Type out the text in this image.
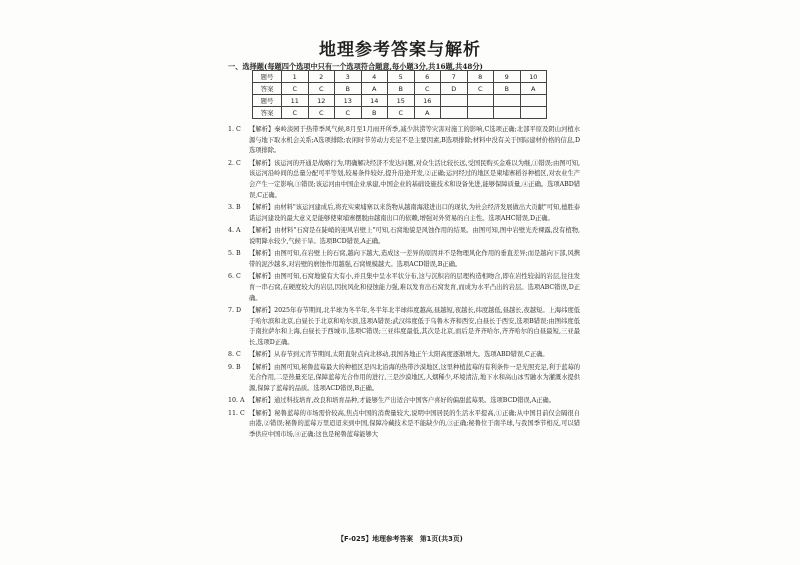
地理参考答案与解析
一、选择题(每题四个选项中只有一个选项符合题意,每小题3分,共16题,共48分)
题号	1	2	3	4	5	6	7	8	9	10
答案	C	C	B	A	B	C	D	C	B	A
题号	11	12	13	14	15	16				
答案	C	C	C	B	C	A				
1. C	【解析】秦岭淡园于热带季风气候,8月至1月雨开所季,减少洪涝等灾害对施工的影响,C选项正确;北部平原及阴山河植水源与地下取水机会关系;A选项排除;农闲时节劳动力充足不是主要因素,B选项排除;材料中没有关于国际建材价格的信息,D选项排除。
2. C	【解析】该运河的开通是战略行为,明确解决经济不发达问题,对众生活比较长远,受国民购买金难以为继,①错误;由图可知,该运河沿岭间的总量分配可平等划,较易条件较好,提升沿途开发,②正确;运河经过的地区是柬埔寨稻谷种植区,对农业生产会产生一定影响,③错误;该运河由中国企业承建,中国企业的基础设施技术和设备先进,能够保障质量,④正确。选项ABD错误,C正确。
3. B	【解析】由材料"该运河建成后,将充实柬埔寨以来货物从越南海港进出口的现状,为社会经济发展做出大贡献"可知,德胜泰诺运河建设的最大意义是能够使柬埔寨摆脱由越南出口的依赖,增强对外贸易的自主性。选项AHC错误,D正确。
4. A	【解析】由材料"石窝是在陡峭的迎风岩壁上"可知,石窝地貌是风蚀作用的结果。由图可知,图中岩壁光秃裸露,没有植物,说明降水较少,气候干旱。选项BCD错误,A正确。
5. B	【解析】由图可知,在岩壁上的石窝,越向下越大,造成这一差异的原因并不是物理风化作用的垂直差异;而是越向下部,风携带的泥沙越多,对岩壁的磨蚀作用越强,石窝规模越大。选项ACD错误,B正确。
6. C	【解析】由图可知,石窝地貌有大有小,并且集中呈水平状分布,这与沉积岩的层理构造相吻合,即在岩性较弱的岩层,往往发育一串石窝,在硬度较大的岩层,因抗风化和侵蚀能力强,难以发育出石窝发育,而成为水平凸出的岩层。选项ABC错误,D正确。
7. D	【解析】2025年春节期间,北半球为冬半年,冬半年北半球纬度越高,昼越短,夜越长,纬度越低,昼越长,夜越短。上海纬度低于哈尔滨和北京,白昼长于北京和哈尔滨,选项A错误;武汉纬度低于乌鲁木齐和西安,白昼长于西安,选项B错误;由图纬度低于南拉萨尔和上海,白昼长于西城市,选项C错误;三亚纬度最低,其次是北京,而后是齐齐哈尔,齐齐哈尔的白昼最短,三亚最长,选项D正确。
8. C	【解析】从春节到元宵节期间,太阳直射点向北移动,我国各地正午太阳高度逐渐增大。选项ABD错误,C正确。
9. B	【解析】由图可知,秘鲁蓝莓最大的种植区是四北沿海的热带沙漠地区,这里种植蓝莓的有利条件一是光照充足,利于蓝莓的光合作用,二是热量充足,保障蓝莓光合作用的进行,三是沙漠地区,人烟稀少,环境清洁,地下水和高山冰雪融水为灌溉水提供源,保障了蓝莓的品质。选项ACD错误,B正确。
10. A 【解析】通过科技培育,改良和培育品种,才能够生产出适合中国客户喜好的偏甜蓝莓果。选项BCD错误,A正确。
11. C 【解析】秘鲁蓝莓的市场需价较高,焦点中国的消费量较大,说明中国居民的生活水平提高,①正确;从中国目前仅会隔很自由港,②错误;秘鲁的蓝莓万里迢迢来到中国,保障冷藏技术是不能缺少的,③正确;秘鲁位于南半球,与我国季节相反,可以错季供应中国市场,④正确;这也是秘鲁蓝莓能够大
【F-025】地理参考答案　第1页(共3页)
